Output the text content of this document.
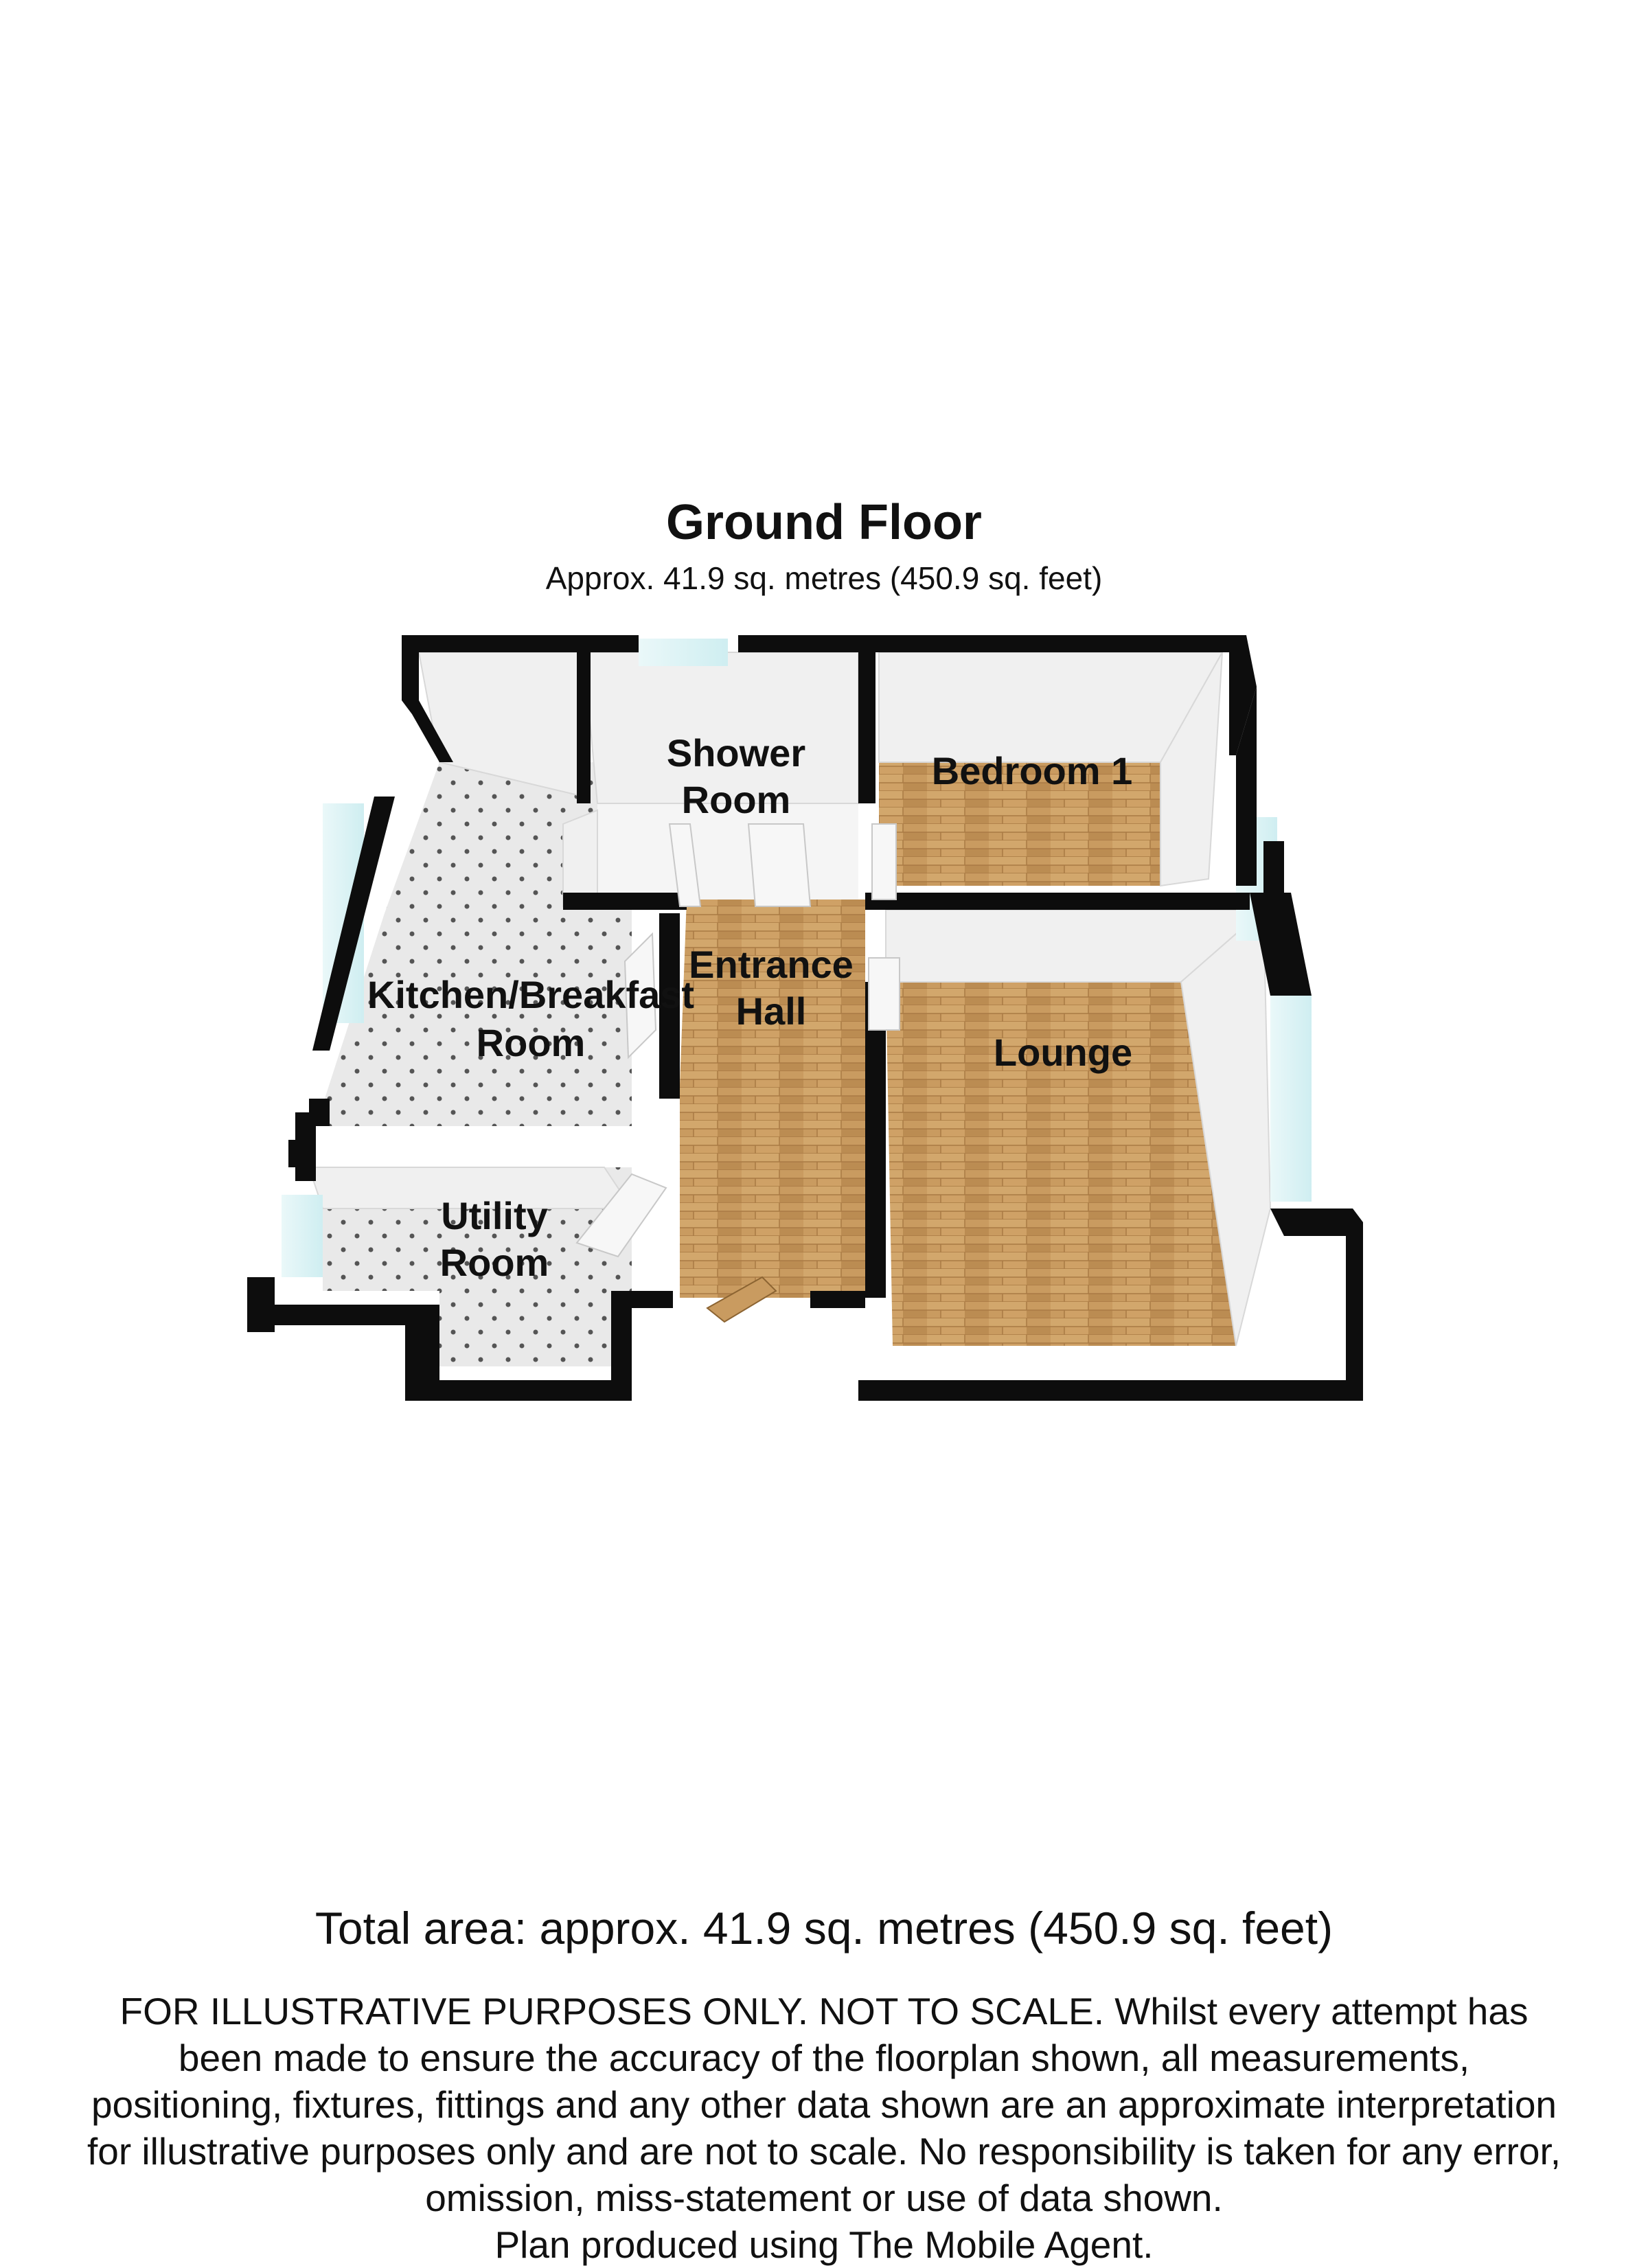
Ground Floor
Approx. 41.9 sq. metres (450.9 sq. feet)
Shower
Room
Bedroom 1
Entrance
Hall
Kitchen/Breakfast
Room	Lounge
Utility
Room
Total area: approx. 41.9 sq. metres (450.9 sq. feet)
FOR ILLUSTRATIVE PURPOSES ONLY. NOT TO SCALE. Whilst every attempt has
been made to ensure the accuracy of the floorplan shown, all measurements,
positioning, fixtures, fittings and any other data shown are an approximate interpretation
for illustrative purposes only and are not to scale. No responsibility is taken for any error,
omission, miss-statement or use of data shown.
Plan produced using The Mobile Agent.
